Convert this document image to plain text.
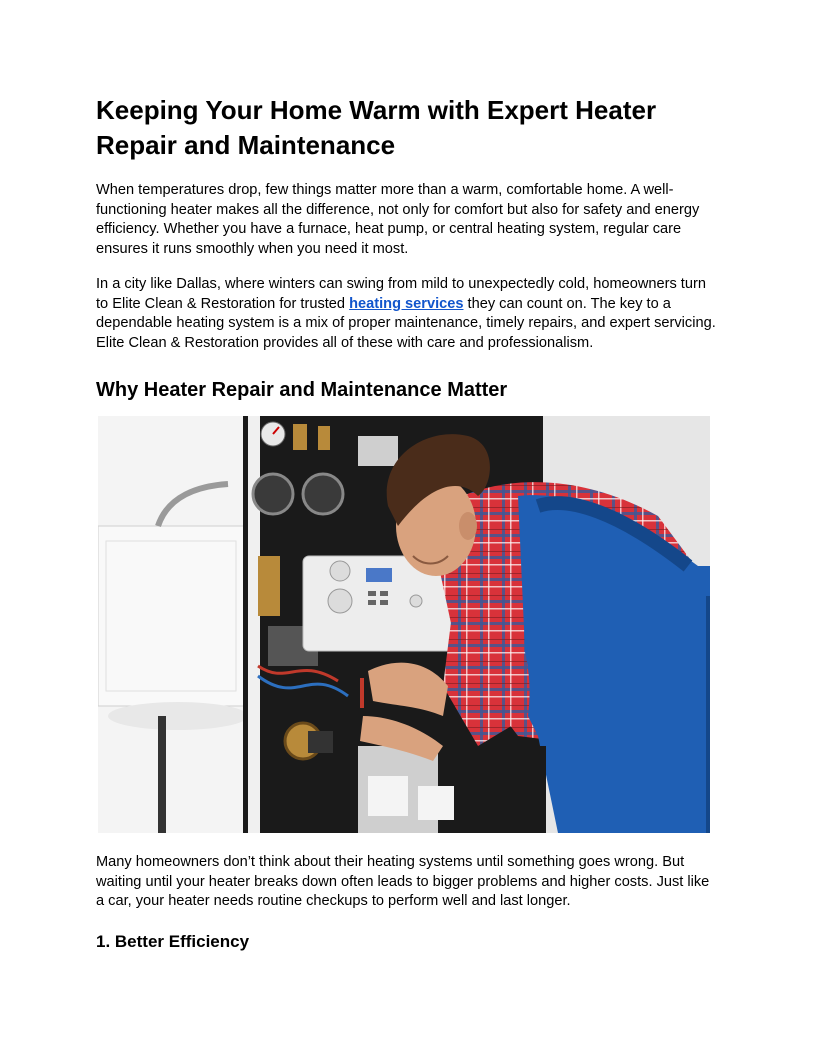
Keeping Your Home Warm with Expert Heater Repair and Maintenance

When temperatures drop, few things matter more than a warm, comfortable home. A well-functioning heater makes all the difference, not only for comfort but also for safety and energy efficiency. Whether you have a furnace, heat pump, or central heating system, regular care ensures it runs smoothly when you need it most.

In a city like Dallas, where winters can swing from mild to unexpectedly cold, homeowners turn to Elite Clean & Restoration for trusted heating services they can count on. The key to a dependable heating system is a mix of proper maintenance, timely repairs, and expert servicing. Elite Clean & Restoration provides all of these with care and professionalism.

Why Heater Repair and Maintenance Matter

Many homeowners don’t think about their heating systems until something goes wrong. But waiting until your heater breaks down often leads to bigger problems and higher costs. Just like a car, your heater needs routine checkups to perform well and last longer.

1. Better Efficiency
